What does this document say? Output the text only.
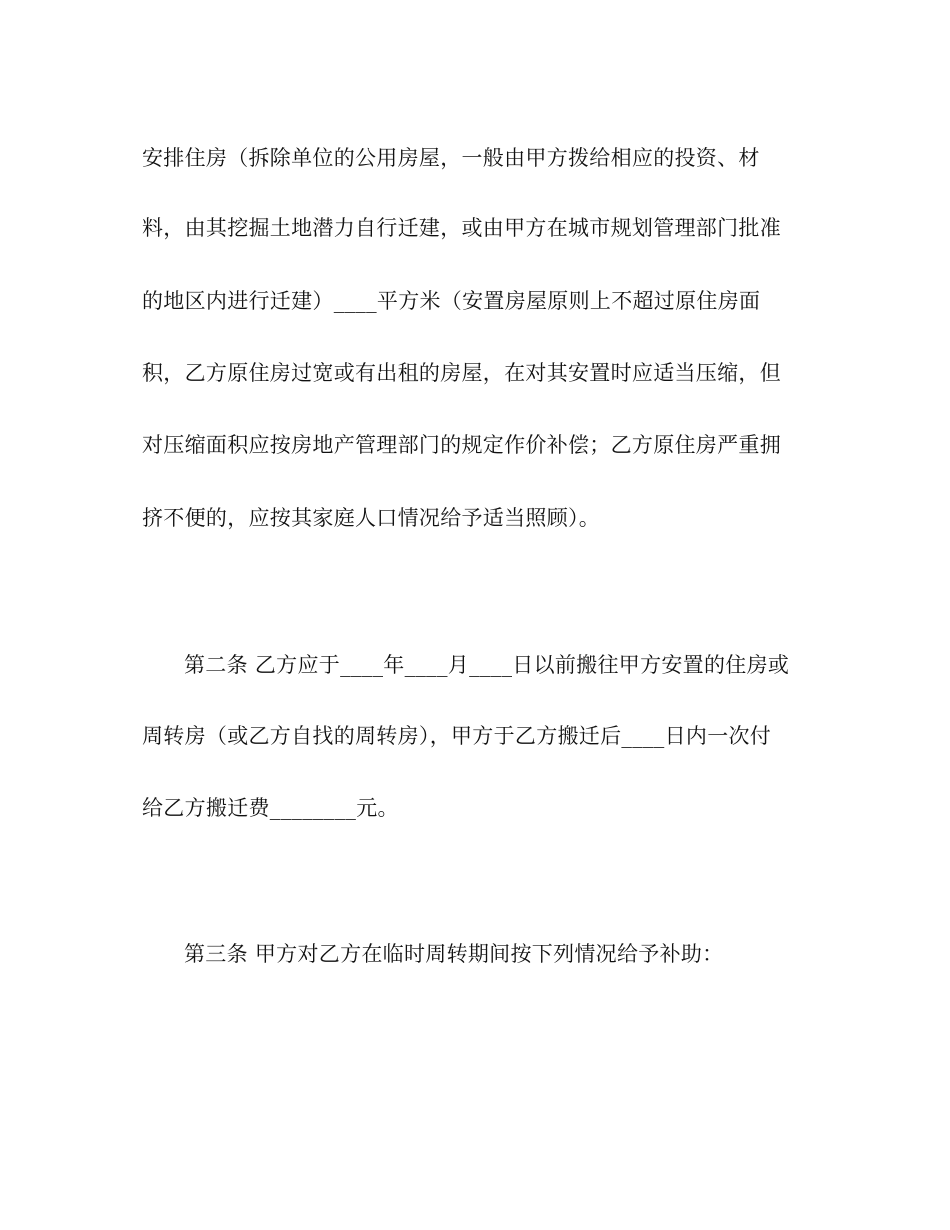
安排住房（拆除单位的公用房屋，一般由甲方拨给相应的投资、材
料，由其挖掘土地潜力自行迁建，或由甲方在城市规划管理部门批准
的地区内进行迁建）____平方米（安置房屋原则上不超过原住房面
积，乙方原住房过宽或有出租的房屋，在对其安置时应适当压缩，但
对压缩面积应按房地产管理部门的规定作价补偿；乙方原住房严重拥
挤不便的，应按其家庭人口情况给予适当照顾）。
第二条 乙方应于____年____月____日以前搬往甲方安置的住房或
周转房（或乙方自找的周转房），甲方于乙方搬迁后____日内一次付
给乙方搬迁费________元。
第三条 甲方对乙方在临时周转期间按下列情况给予补助：
